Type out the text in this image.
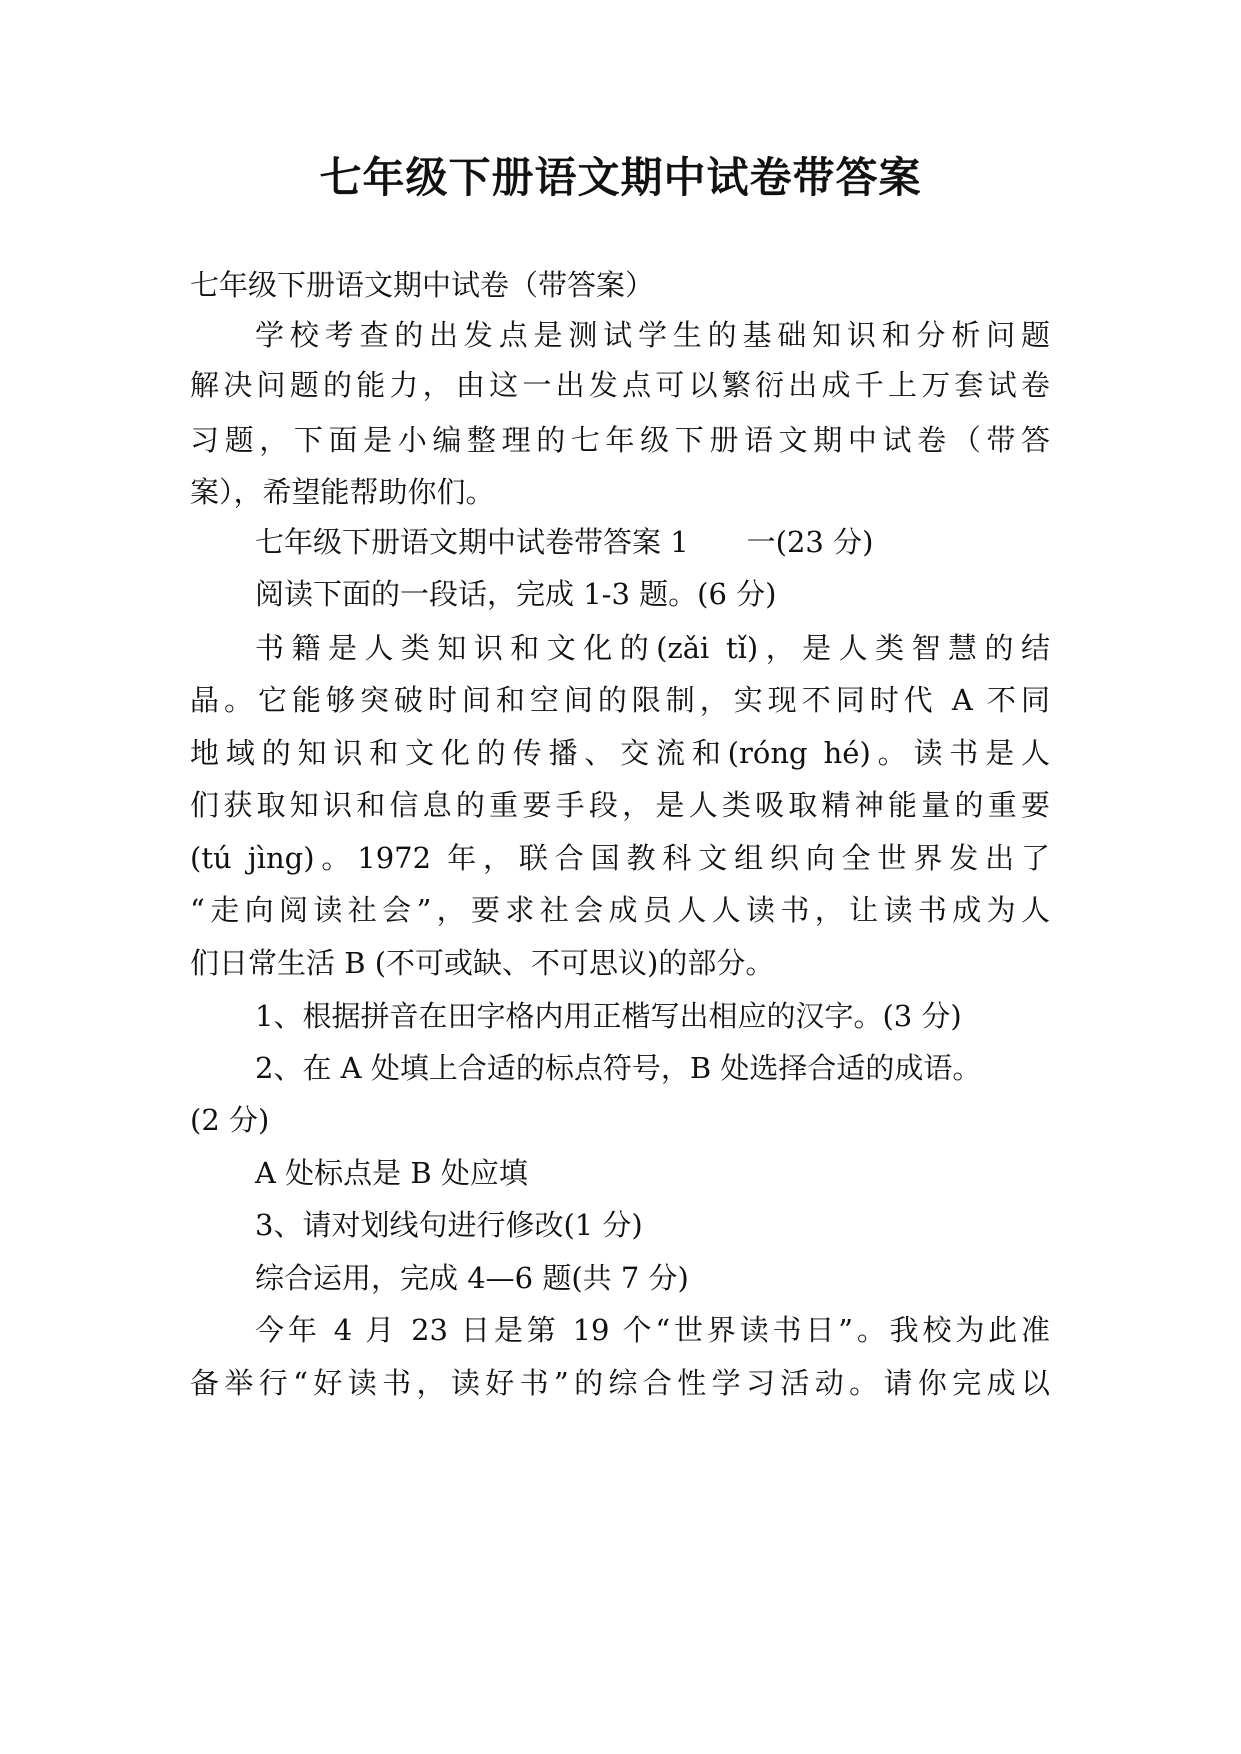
七年级下册语文期中试卷带答案

七年级下册语文期中试卷（带答案）

学校考查的出发点是测试学生的基础知识和分析问题

解决问题的能力，由这一出发点可以繁衍出成千上万套试卷

习题，下面是小编整理的七年级下册语文期中试卷（带答

案），希望能帮助你们。

七年级下册语文期中试卷带答案 1　　一(23 分)

阅读下面的一段话，完成 1-3 题。(6 分)

书籍是人类知识和文化的(zǎi tǐ)，是人类智慧的结

晶。它能够突破时间和空间的限制，实现不同时代 A 不同

地域的知识和文化的传播、交流和(róng hé)。读书是人

们获取知识和信息的重要手段，是人类吸取精神能量的重要

(tú jìng)。1972 年，联合国教科文组织向全世界发出了

“走向阅读社会”，要求社会成员人人读书，让读书成为人

们日常生活 B (不可或缺、不可思议)的部分。

1、根据拼音在田字格内用正楷写出相应的汉字。(3 分)

2、在 A 处填上合适的标点符号，B 处选择合适的成语。

(2 分)

A 处标点是 B 处应填

3、请对划线句进行修改(1 分)

综合运用，完成 4—6 题(共 7 分)

今年 4 月 23 日是第 19 个“世界读书日”。我校为此准

备举行“好读书，读好书”的综合性学习活动。请你完成以
